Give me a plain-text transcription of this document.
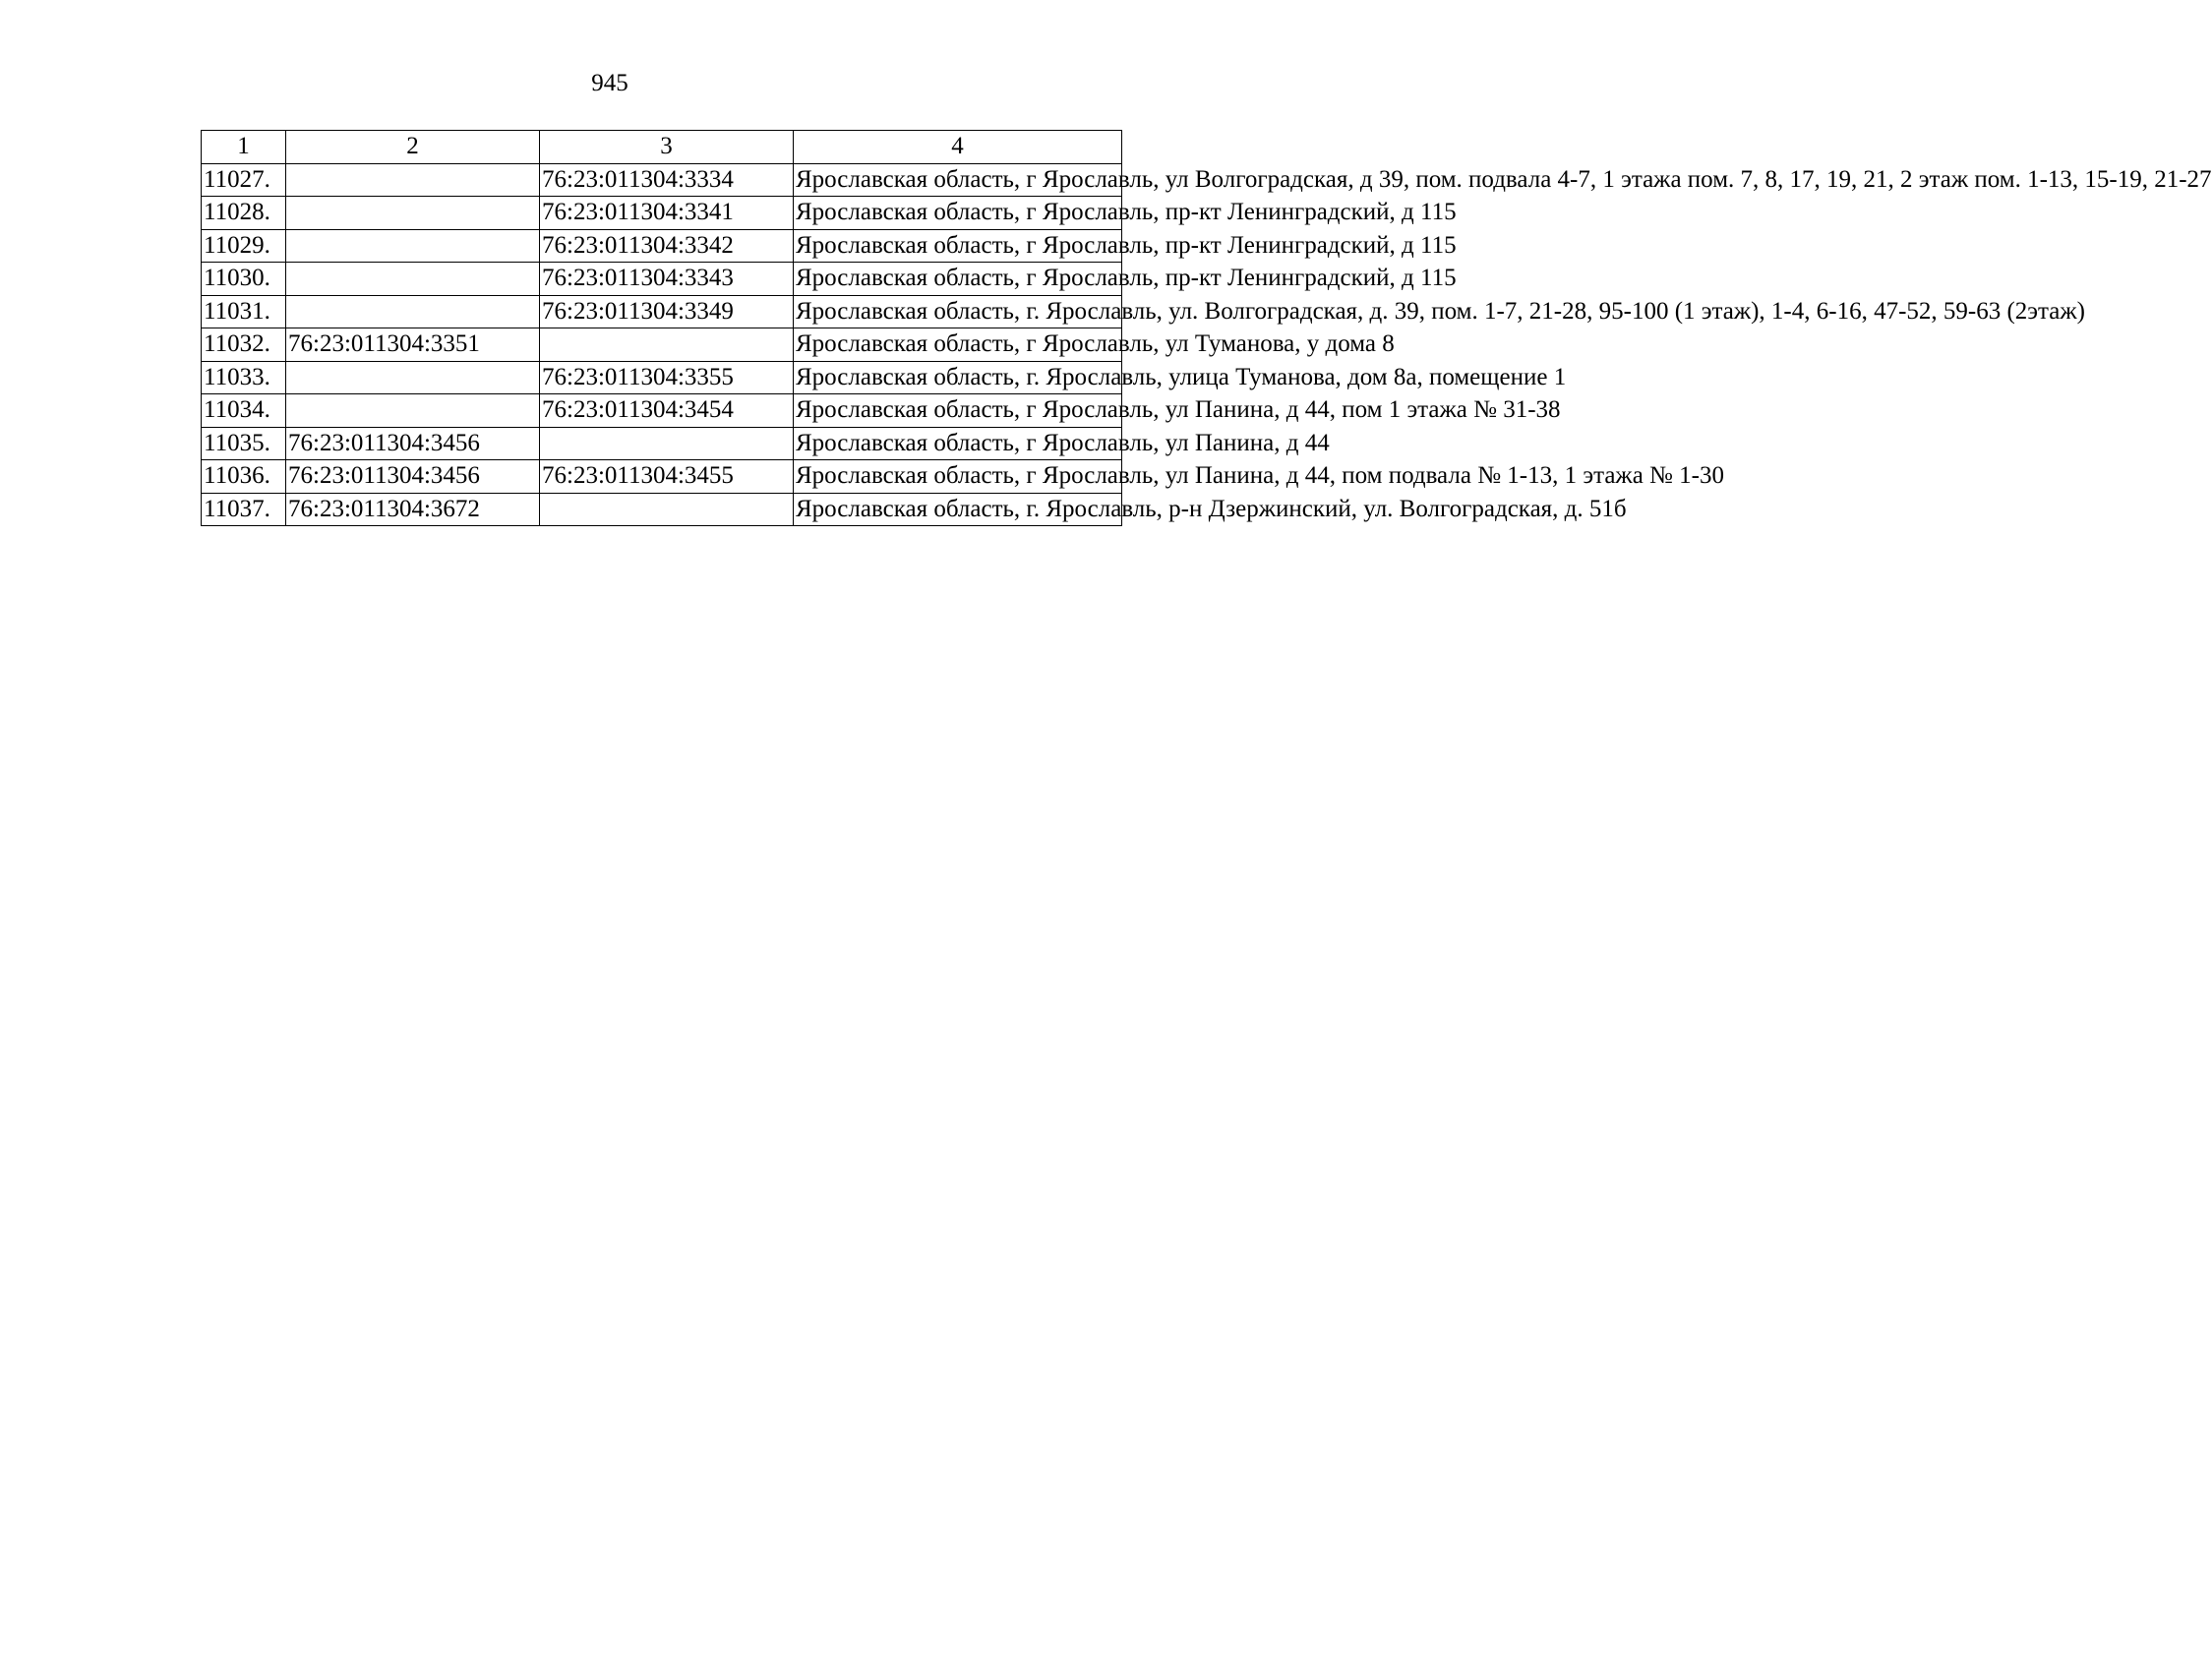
945
1	2	3	4
11027.		76:23:011304:3334	Ярославская область, г Ярославль, ул Волгоградская, д 39, пом. подвала 4-7, 1 этажа пом. 7, 8, 17, 19, 21, 2 этаж пом. 1-13, 15-19, 21-27
11028.		76:23:011304:3341	Ярославская область, г Ярославль, пр-кт Ленинградский, д 115
11029.		76:23:011304:3342	Ярославская область, г Ярославль, пр-кт Ленинградский, д 115
11030.		76:23:011304:3343	Ярославская область, г Ярославль, пр-кт Ленинградский, д 115
11031.		76:23:011304:3349	Ярославская область, г. Ярославль, ул. Волгоградская, д. 39, пом. 1-7, 21-28, 95-100 (1 этаж), 1-4, 6-16, 47-52, 59-63 (2этаж)
11032.	76:23:011304:3351		Ярославская область, г Ярославль, ул Туманова, у дома 8
11033.		76:23:011304:3355	Ярославская область, г. Ярославль, улица Туманова, дом 8а, помещение 1
11034.		76:23:011304:3454	Ярославская область, г Ярославль, ул Панина, д 44, пом 1 этажа № 31-38
11035.	76:23:011304:3456		Ярославская область, г Ярославль, ул Панина, д 44
11036.	76:23:011304:3456	76:23:011304:3455	Ярославская область, г Ярославль, ул Панина, д 44, пом подвала № 1-13, 1 этажа № 1-30
11037.	76:23:011304:3672		Ярославская область, г. Ярославль, р-н Дзержинский, ул. Волгоградская, д. 51б
